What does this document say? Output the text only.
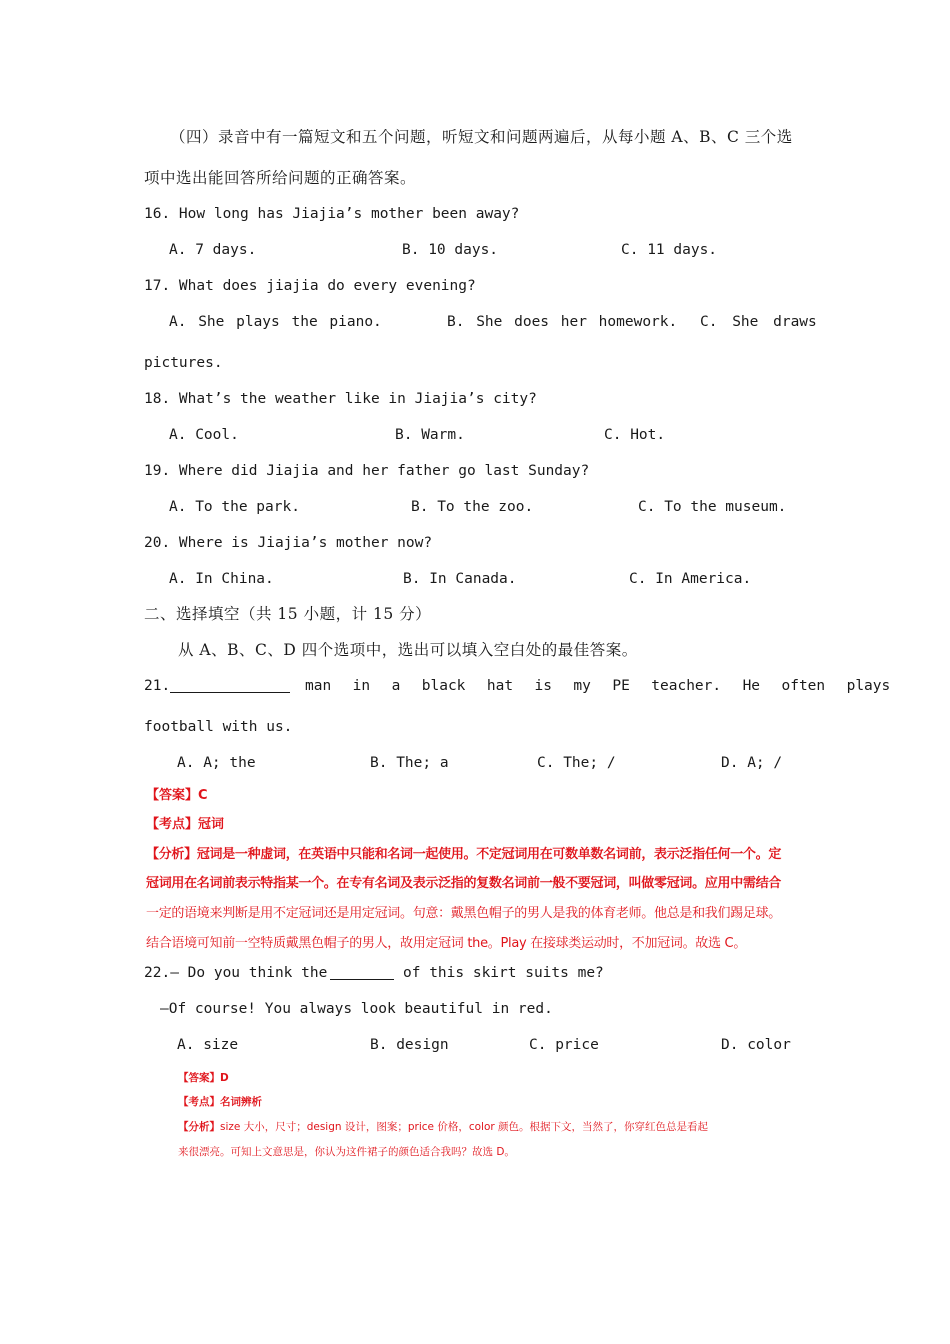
（四）录音中有一篇短文和五个问题，听短文和问题两遍后，从每小题 A、B、C 三个选
项中选出能回答所给问题的正确答案。
16. How long has Jiajia’s mother been away?
A. 7 days.	B. 10 days.	C. 11 days.
17. What does jiajia do every evening?
A. She plays the piano.	B. She does her homework. C. She draws
pictures.
18. What’s the weather like in Jiajia’s city?
A. Cool.	B. Warm.	C. Hot.
19. Where did Jiajia and her father go last Sunday?
A. To the park.	B. To the zoo.	C. To the museum.
20. Where is Jiajia’s mother now?
A. In China.	B. In Canada.	C. In America.
二、选择填空（共 15 小题，计 15 分）
从 A、B、C、D 四个选项中，选出可以填入空白处的最佳答案。
21.	man  in  a  black  hat  is  my  PE  teacher.  He  often  plays
football with us.
A. A; the	B. The; a	C. The; /	D. A; /
【答案】C
【考点】冠词
【分析】冠词是一种虚词，在英语中只能和名词一起使用。不定冠词用在可数单数名词前，表示泛指任何一个。定
冠词用在名词前表示特指某一个。在专有名词及表示泛指的复数名词前一般不要冠词，叫做零冠词。应用中需结合
一定的语境来判断是用不定冠词还是用定冠词。句意：戴黑色帽子的男人是我的体育老师。他总是和我们踢足球。
结合语境可知前一空特质戴黑色帽子的男人，故用定冠词 the。Play 在接球类运动时，不加冠词。故选 C。
22.— Do you think the	of this skirt suits me?
—Of course! You always look beautiful in red.
A. size	B. design	C. price	D. color
【答案】D
【考点】名词辨析
【分析】size 大小，尺寸；design 设计，图案；price 价格，color 颜色。根据下文，当然了，你穿红色总是看起
来很漂亮。可知上文意思是，你认为这件裙子的颜色适合我吗？故选 D。
